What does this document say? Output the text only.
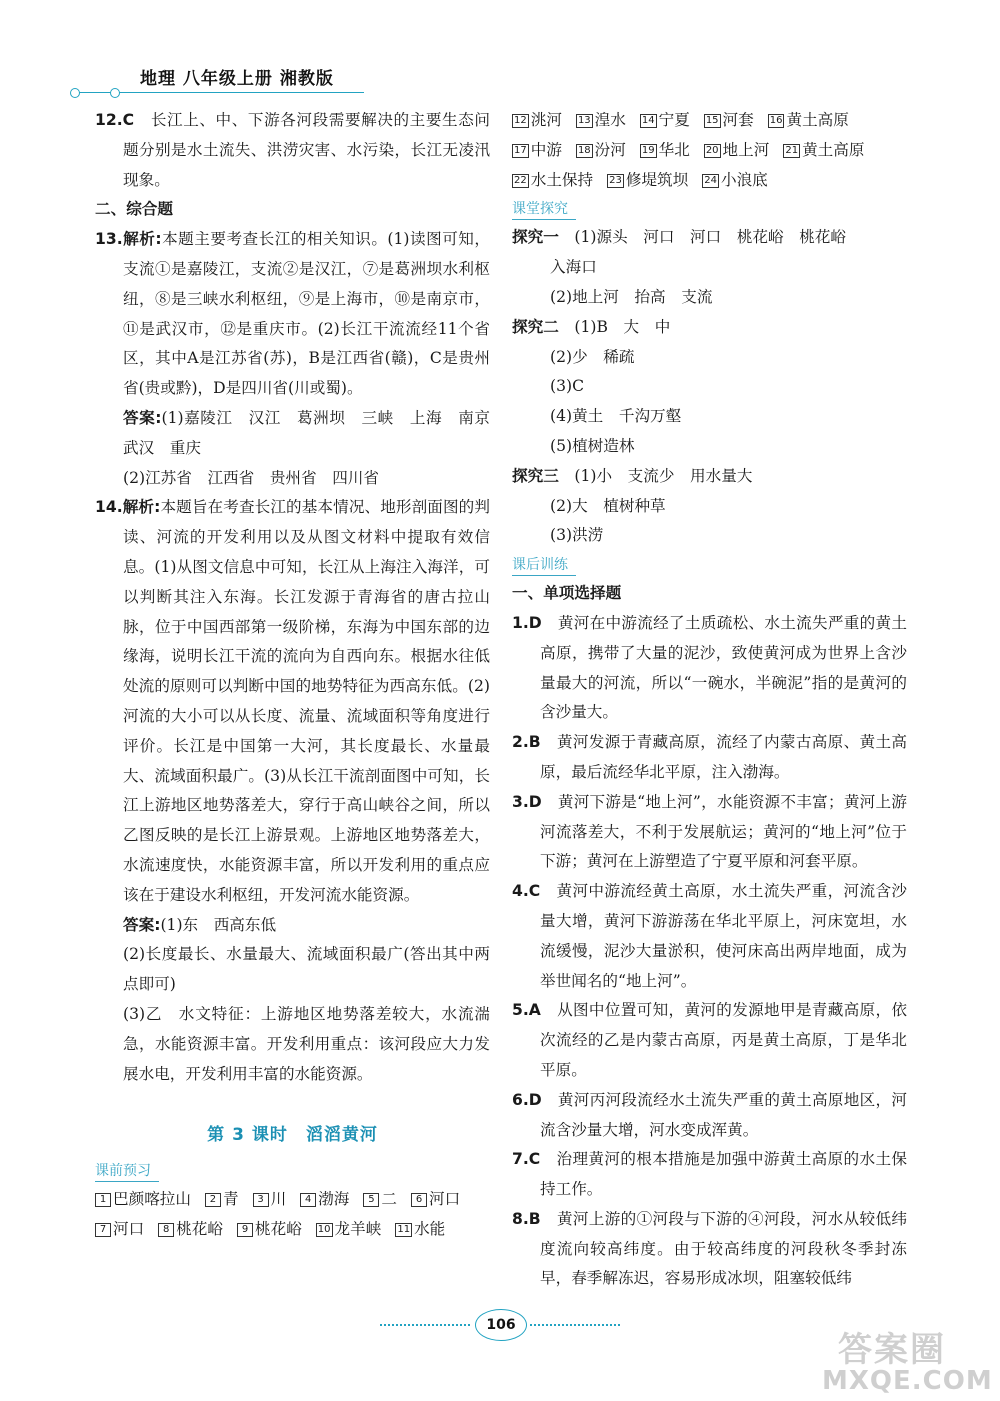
地理 八年级上册 湘教版

12.C　 长江上、中、下游各河段需要解决的主要生态问题分别是水土流失、洪涝灾害、水污染，长江无凌汛现象。

二、综合题

13.解析:本题主要考查长江的相关知识。(1)读图可知，支流①是嘉陵江，支流②是汉江，⑦是葛洲坝水利枢纽，⑧是三峡水利枢纽，⑨是上海市，⑩是南京市，⑪是武汉市，⑫是重庆市。(2)长江干流流经11个省区，其中A是江苏省(苏)，B是江西省(赣)，C是贵州省(贵或黔)，D是四川省(川或蜀)。

答案:(1)嘉陵江　汉江　葛洲坝　三峡　上海　南京　武汉　重庆

(2)江苏省　江西省　贵州省　四川省

14.解析:本题旨在考查长江的基本情况、地形剖面图的判读、河流的开发利用以及从图文材料中提取有效信息。(1)从图文信息中可知，长江从上海注入海洋，可以判断其注入东海。长江发源于青海省的唐古拉山脉，位于中国西部第一级阶梯，东海为中国东部的边缘海，说明长江干流的流向为自西向东。根据水往低处流的原则可以判断中国的地势特征为西高东低。(2)河流的大小可以从长度、流量、流域面积等角度进行评价。长江是中国第一大河，其长度最长、水量最大、流域面积最广。(3)从长江干流剖面图中可知，长江上游地区地势落差大，穿行于高山峡谷之间，所以乙图反映的是长江上游景观。上游地区地势落差大，水流速度快，水能资源丰富，所以开发利用的重点应该在于建设水利枢纽，开发河流水能资源。

答案:(1)东　西高东低

(2)长度最长、水量最大、流域面积最广(答出其中两点即可)

(3)乙　水文特征：上游地区地势落差较大，水流湍急，水能资源丰富。开发利用重点：该河段应大力发展水电，开发利用丰富的水能资源。

第 3 课时　滔滔黄河

课前预习

1 巴颜喀拉山	2 青	3 川	4 渤海	5 二	6 河口
7 河口	8 桃花峪	9 桃花峪 10 龙羊峡 11 水能
12 洮河 13 湟水 14 宁夏 15 河套 16 黄土高原
17 中游 18 汾河 19 华北 20 地上河 21 黄土高原
22 水土保持 23 修堤筑坝 24 小浪底

课堂探究

探究一　 (1)源头　河口　河口　桃花峪　桃花峪

入海口

(2)地上河　抬高　支流

探究二　 (1)B　大　中

(2)少　稀疏

(3)C

(4)黄土　千沟万壑

(5)植树造林

探究三　 (1)小　支流少　用水量大

(2)大　植树种草

(3)洪涝

课后训练

一、单项选择题

1.D　 黄河在中游流经了土质疏松、水土流失严重的黄土高原，携带了大量的泥沙，致使黄河成为世界上含沙量最大的河流，所以“一碗水，半碗泥”指的是黄河的含沙量大。

2.B　 黄河发源于青藏高原，流经了内蒙古高原、黄土高原，最后流经华北平原，注入渤海。

3.D　 黄河下游是“地上河”，水能资源不丰富；黄河上游河流落差大，不利于发展航运；黄河的“地上河”位于下游；黄河在上游塑造了宁夏平原和河套平原。

4.C　 黄河中游流经黄土高原，水土流失严重，河流含沙量大增，黄河下游游荡在华北平原上，河床宽坦，水流缓慢，泥沙大量淤积，使河床高出两岸地面，成为举世闻名的“地上河”。

5.A　 从图中位置可知，黄河的发源地甲是青藏高原，依次流经的乙是内蒙古高原，丙是黄土高原，丁是华北平原。

6.D　 黄河丙河段流经水土流失严重的黄土高原地区，河流含沙量大增，河水变成浑黄。

7.C　 治理黄河的根本措施是加强中游黄土高原的水土保持工作。

8.B　 黄河上游的①河段与下游的④河段，河水从较低纬度流向较高纬度。由于较高纬度的河段秋冬季封冻早，春季解冻迟，容易形成冰坝，阻塞较低纬

106
答案圈
MXQE.COM
